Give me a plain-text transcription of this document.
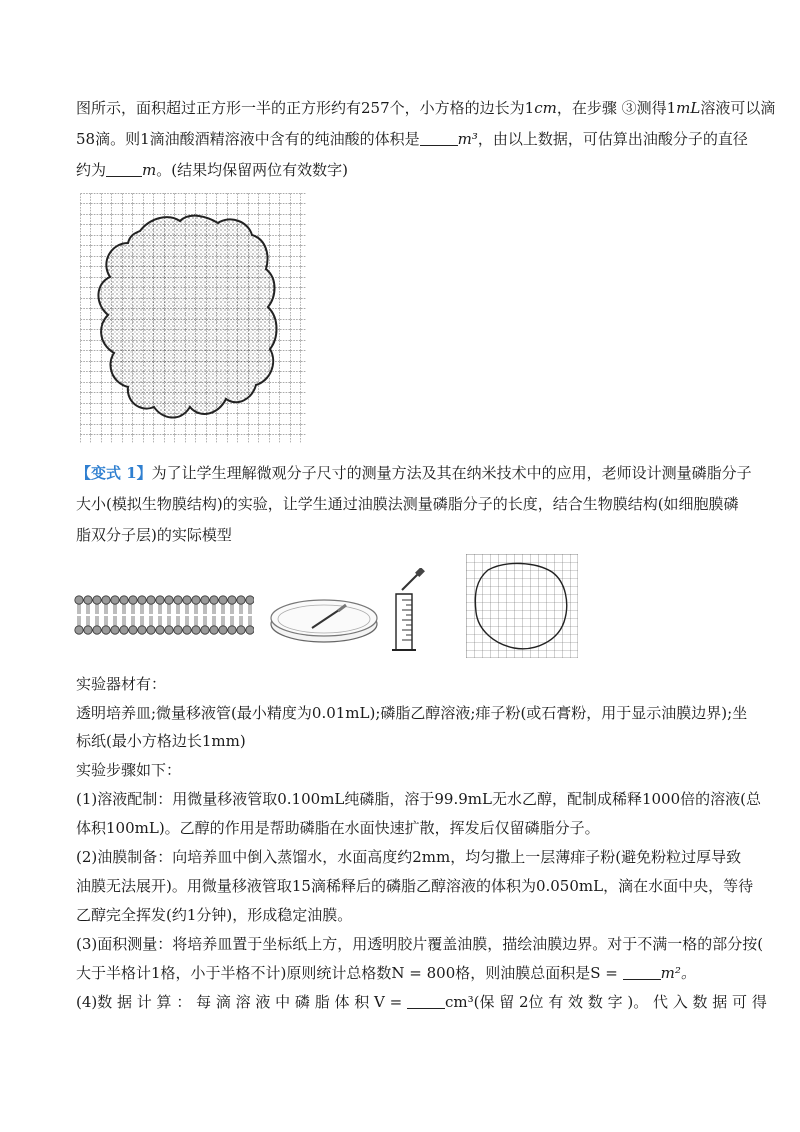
图所示，面积超过正方形一半的正方形约有257个，小方格的边长为1cm，在步骤 ③测得1mL溶液可以滴
58滴。则1滴油酸酒精溶液中含有的纯油酸的体积是	m³，由以上数据，可估算出油酸分子的直径
约为 m。(结果均保留两位有效数字)
【变式 1】为了让学生理解微观分子尺寸的测量方法及其在纳米技术中的应用，老师设计测量磷脂分子
大小(模拟生物膜结构)的实验，让学生通过油膜法测量磷脂分子的长度，结合生物膜结构(如细胞膜磷
脂双分子层)的实际模型
实验器材有：
透明培养皿;微量移液管(最小精度为0.01mL);磷脂乙醇溶液;痱子粉(或石膏粉，用于显示油膜边界);坐
标纸(最小方格边长1mm)
实验步骤如下：
(1)溶液配制：用微量移液管取0.100mL纯磷脂，溶于99.9mL无水乙醇，配制成稀释1000倍的溶液(总
体积100mL)。乙醇的作用是帮助磷脂在水面快速扩散，挥发后仅留磷脂分子。
(2)油膜制备：向培养皿中倒入蒸馏水，水面高度约2mm，均匀撒上一层薄痱子粉(避免粉粒过厚导致
油膜无法展开)。用微量移液管取15滴稀释后的磷脂乙醇溶液的体积为0.050mL，滴在水面中央，等待
乙醇完全挥发(约1分钟)，形成稳定油膜。
(3)面积测量：将培养皿置于坐标纸上方，用透明胶片覆盖油膜，描绘油膜边界。对于不满一格的部分按(
大于半格计1格，小于半格不计)原则统计总格数N = 800格，则油膜总面积是S =	m²。
(4)数 据 计 算 ： 每 滴 溶 液 中 磷 脂 体 积 V =	cm³(保 留 2位 有 效 数 字 )。 代 入 数 据 可 得
